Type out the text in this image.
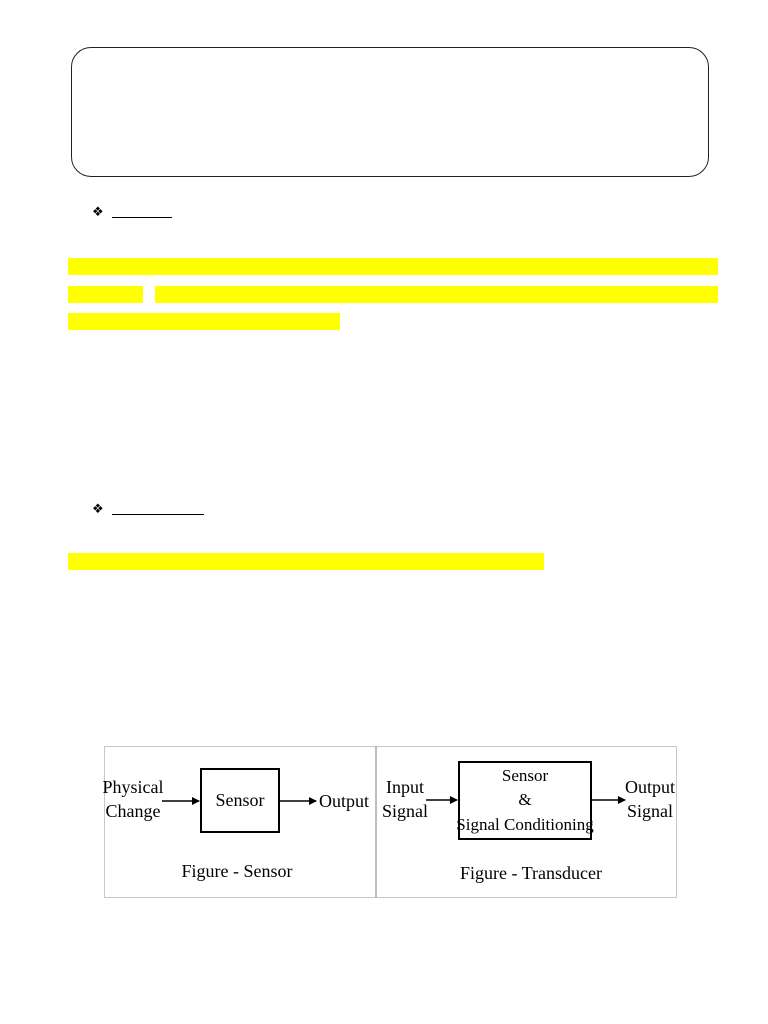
❖
❖
Physical
Change
Sensor	Output
Figure - Sensor
Input
Signal
Sensor
&
Signal Conditioning
Output
Signal
Figure - Transducer
